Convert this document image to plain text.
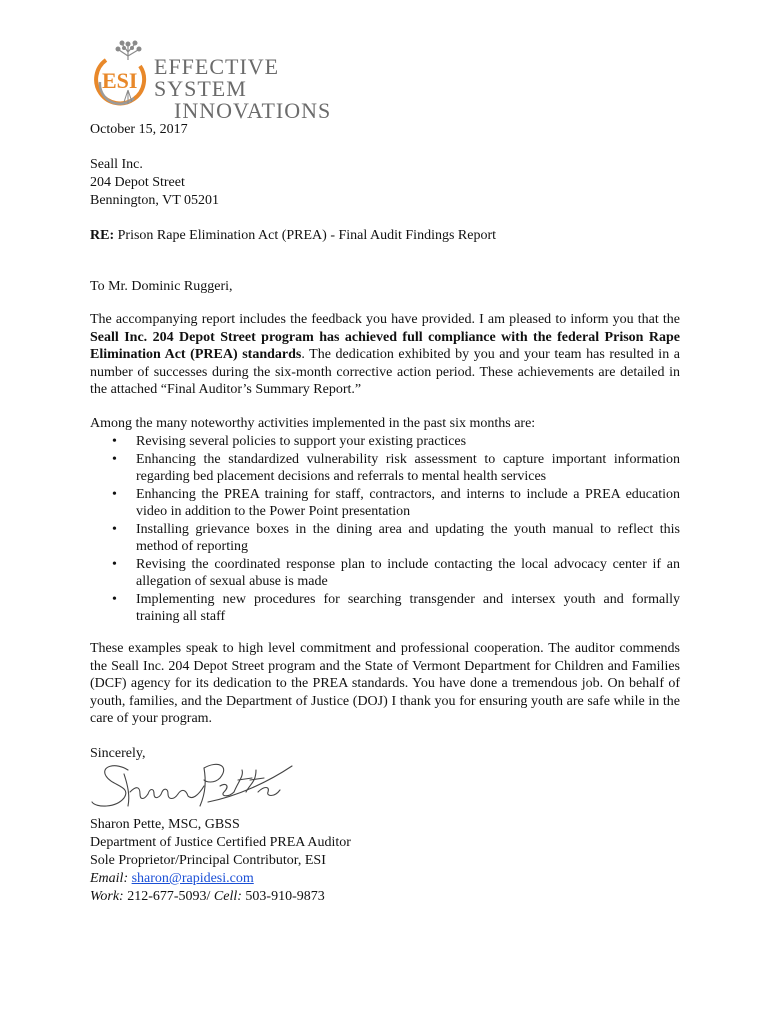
ESI
EFFECTIVE SYSTEM
INNOVATIONS
October 15, 2017
Seall Inc.
204 Depot Street
Bennington, VT 05201
RE: Prison Rape Elimination Act (PREA) - Final Audit Findings Report
To Mr. Dominic Ruggeri,
The accompanying report includes the feedback you have provided. I am pleased to inform you that the Seall Inc. 204 Depot Street program has achieved full compliance with the federal Prison Rape Elimination Act (PREA) standards. The dedication exhibited by you and your team has resulted in a number of successes during the six-month corrective action period. These achievements are detailed in the attached “Final Auditor’s Summary Report.”
Among the many noteworthy activities implemented in the past six months are:
• Revising several policies to support your existing practices
• Enhancing the standardized vulnerability risk assessment to capture important information regarding bed placement decisions and referrals to mental health services
• Enhancing the PREA training for staff, contractors, and interns to include a PREA education video in addition to the Power Point presentation
• Installing grievance boxes in the dining area and updating the youth manual to reflect this method of reporting
• Revising the coordinated response plan to include contacting the local advocacy center if an allegation of sexual abuse is made
• Implementing new procedures for searching transgender and intersex youth and formally training all staff
These examples speak to high level commitment and professional cooperation. The auditor commends the Seall Inc. 204 Depot Street program and the State of Vermont Department for Children and Families (DCF) agency for its dedication to the PREA standards. You have done a tremendous job. On behalf of youth, families, and the Department of Justice (DOJ) I thank you for ensuring youth are safe while in the care of your program.
Sincerely,
Sharon Pette, MSC, GBSS
Department of Justice Certified PREA Auditor
Sole Proprietor/Principal Contributor, ESI
Email: sharon@rapidesi.com
Work: 212-677-5093/ Cell: 503-910-9873
